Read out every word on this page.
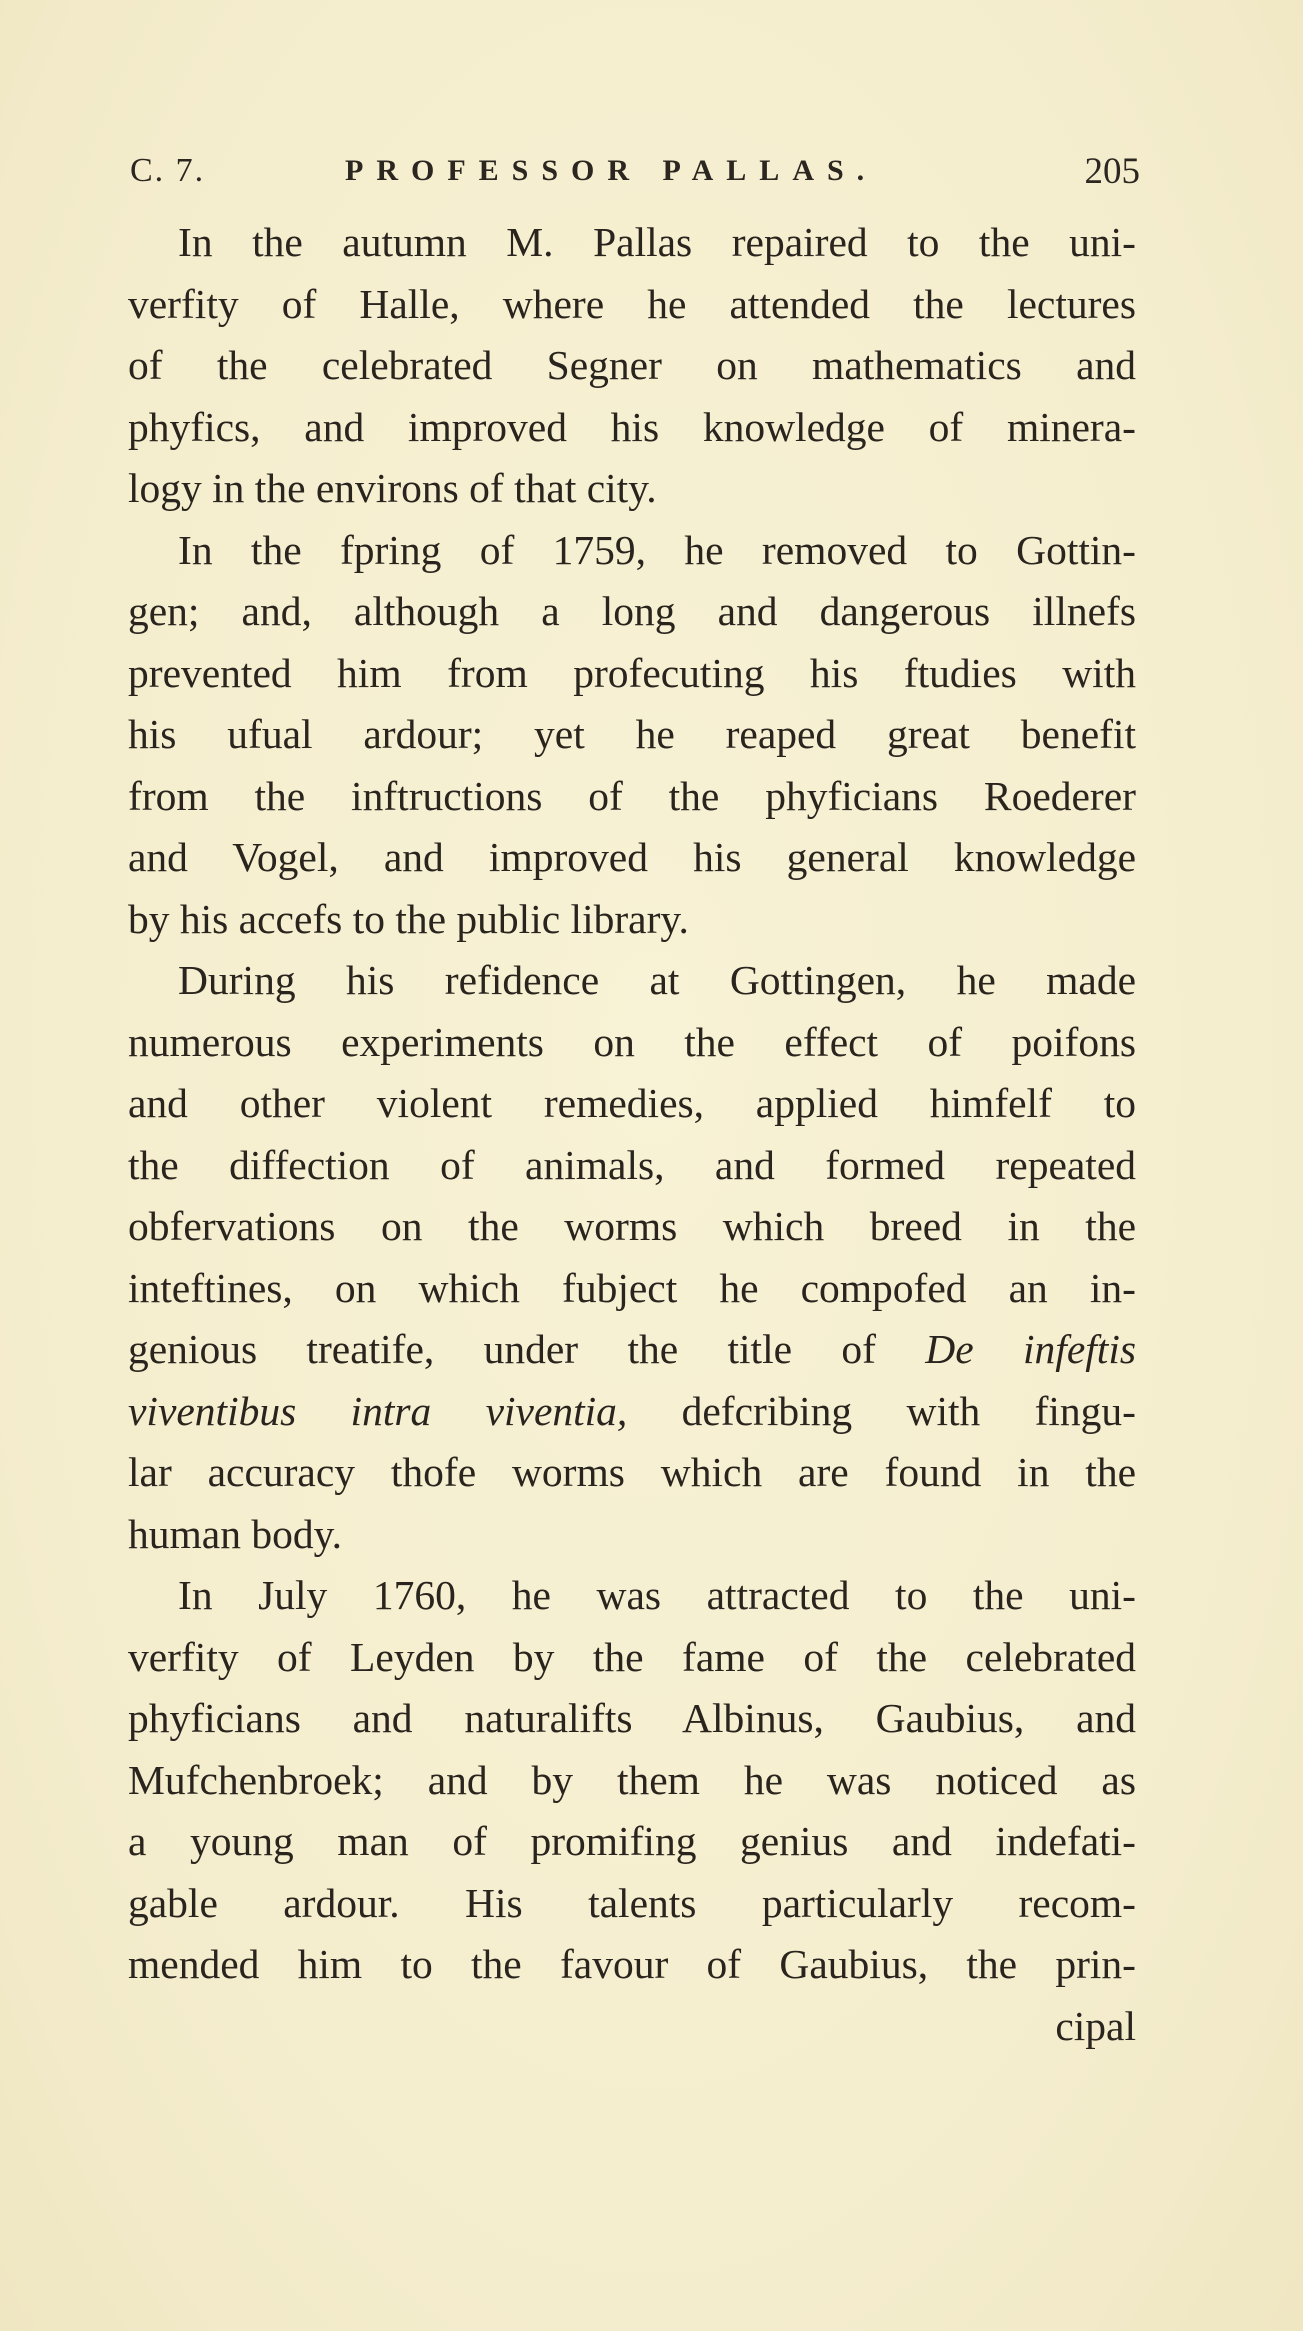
C. 7.	PROFESSOR PALLAS.	205
In the autumn M. Pallas repaired to the uni-
verfity of Halle, where he attended the lectures
of the celebrated Segner on mathematics and
phyfics, and improved his knowledge of minera-
logy in the environs of that city.
In the fpring of 1759, he removed to Gottin-
gen; and, although a long and dangerous illnefs
prevented him from profecuting his ftudies with
his ufual ardour; yet he reaped great benefit
from the inftructions of the phyficians Roederer
and Vogel, and improved his general knowledge
by his accefs to the public library.
During his refidence at Gottingen, he made
numerous experiments on the effect of poifons
and other violent remedies, applied himfelf to
the diffection of animals, and formed repeated
obfervations on the worms which breed in the
inteftines, on which fubject he compofed an in-
genious treatife, under the title of De infeftis
viventibus intra viventia, defcribing with fingu-
lar accuracy thofe worms which are found in the
human body.
In July 1760, he was attracted to the uni-
verfity of Leyden by the fame of the celebrated
phyficians and naturalifts Albinus, Gaubius, and
Mufchenbroek; and by them he was noticed as
a young man of promifing genius and indefati-
gable ardour. His talents particularly recom-
mended him to the favour of Gaubius, the prin-
cipal
